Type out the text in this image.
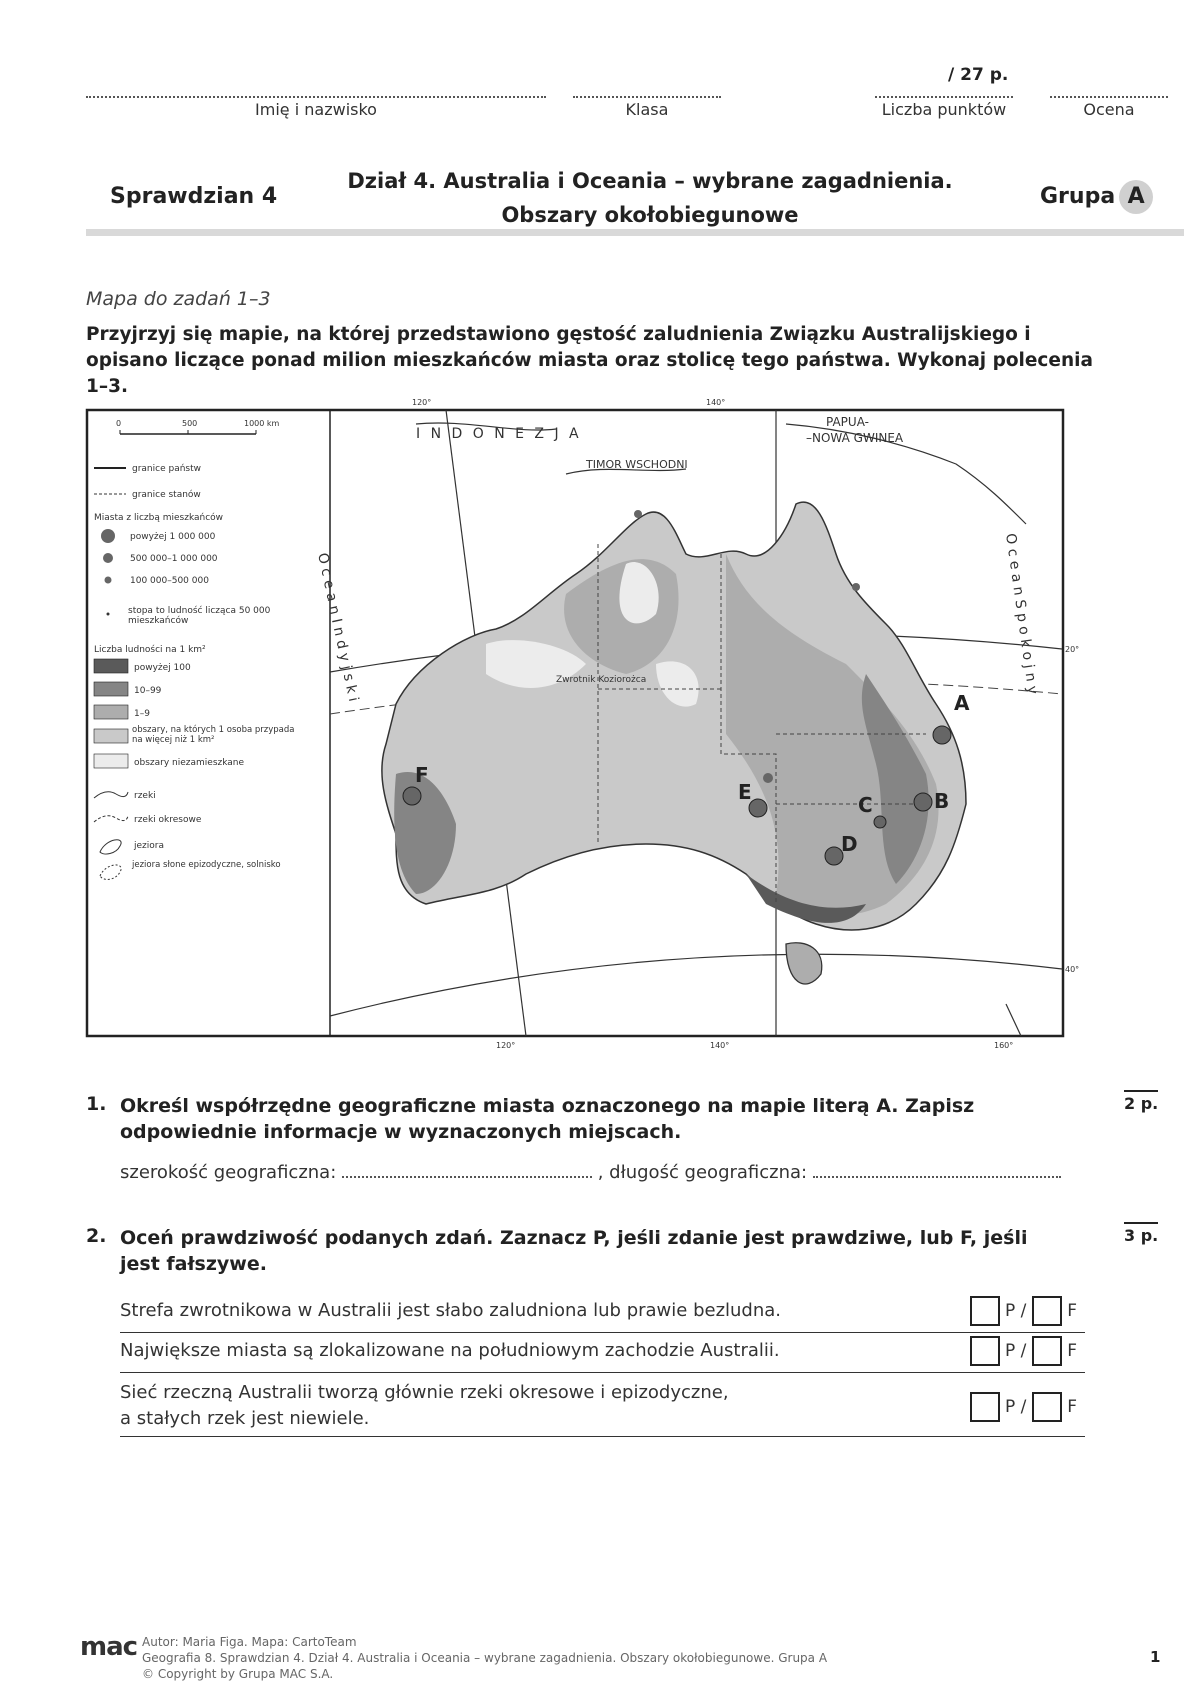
/ 27 p.
Imię i nazwisko	Klasa	Liczba punktów	Ocena
Sprawdzian 4
Dział 4. Australia i Oceania – wybrane zagadnienia.
Obszary okołobiegunowe
Grupa A
Mapa do zadań 1–3
Przyjrzyj się mapie, na której przedstawiono gęstość zaludnienia Związku Australijskiego i opisano liczące ponad milion mieszkańców miasta oraz stolicę tego państwa. Wykonaj polecenia 1–3.
A
B
C
D
E
F
I N D O N E Z J A
PAPUA-
–NOWA GWINEA
TIMOR WSCHODNI
Zwrotnik Koziorożca
O c e a n I n d y j s k i	O c e a n S p o k o j n y
120°	140°
120°	140°	160°
20°
40°
0	500	1000 km
granice państw
granice stanów
Miasta z liczbą mieszkańców
powyżej 1 000 000
500 000–1 000 000
100 000–500 000
stopa to ludność licząca 50 000 mieszkańców
Liczba ludności na 1 km²
powyżej 100
10–99
1–9
obszary, na których 1 osoba przypada na więcej niż 1 km²
obszary niezamieszkane
rzeki
rzeki okresowe
jeziora
jeziora słone epizodyczne, solnisko
1. Określ współrzędne geograficzne miasta oznaczonego na mapie literą A. Zapisz odpowiednie informacje w wyznaczonych miejscach.
2 p.
szerokość geograficzna:	, długość geograficzna:
2. Oceń prawdziwość podanych zdań. Zaznacz P, jeśli zdanie jest prawdziwe, lub F, jeśli jest fałszywe.
3 p.
Strefa zwrotnikowa w Australii jest słabo zaludniona lub prawie bezludna.	P / F
Największe miasta są zlokalizowane na południowym zachodzie Australii.	P / F
Sieć rzeczną Australii tworzą głównie rzeki okresowe i epizodyczne,
a stałych rzek jest niewiele.
P / F
mac Autor: Maria Figa. Mapa: CartoTeam
Geografia 8. Sprawdzian 4. Dział 4. Australia i Oceania – wybrane zagadnienia. Obszary okołobiegunowe. Grupa A
© Copyright by Grupa MAC S.A.
1
